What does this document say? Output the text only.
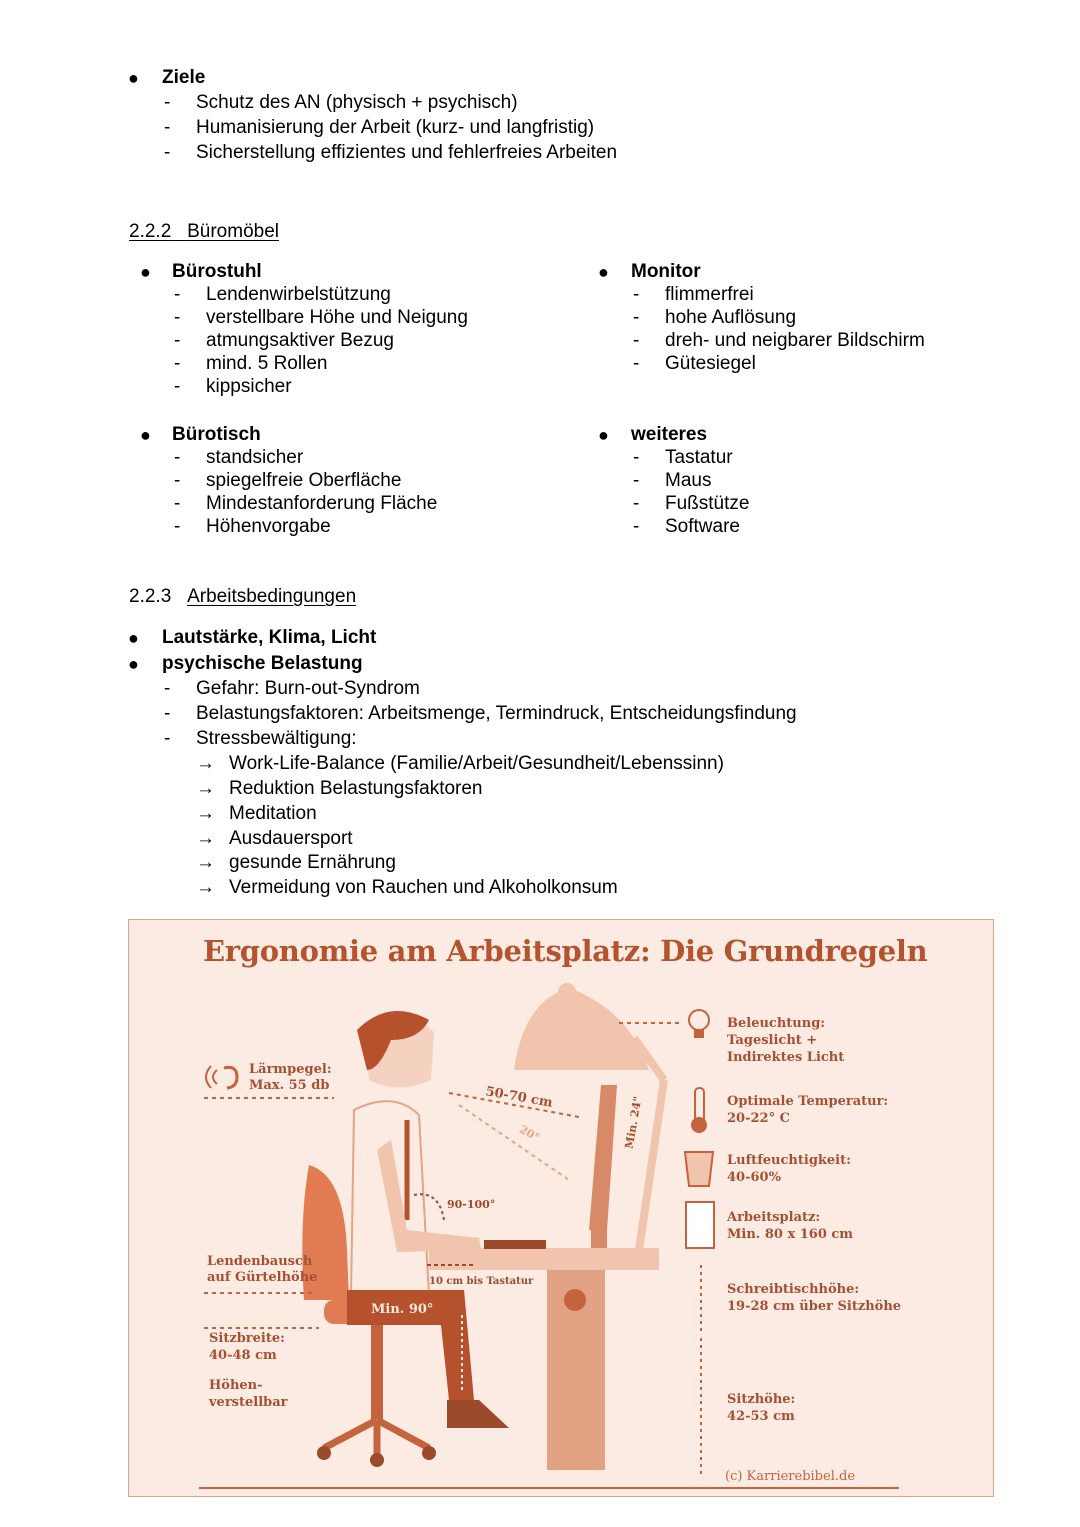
● Ziele
- Schutz des AN (physisch + psychisch)
- Humanisierung der Arbeit (kurz- und langfristig)
- Sicherstellung effizientes und fehlerfreies Arbeiten
2.2.2 Büromöbel
● Bürostuhl
- Lendenwirbelstützung
- verstellbare Höhe und Neigung
- atmungsaktiver Bezug
- mind. 5 Rollen
- kippsicher
● Monitor
- flimmerfrei
- hohe Auflösung
- dreh- und neigbarer Bildschirm
- Gütesiegel
● Bürotisch
- standsicher
- spiegelfreie Oberfläche
- Mindestanforderung Fläche
- Höhenvorgabe
● weiteres
- Tastatur
- Maus
- Fußstütze
- Software
2.2.3 Arbeitsbedingungen
● Lautstärke, Klima, Licht
● psychische Belastung
- Gefahr: Burn-out-Syndrom
- Belastungsfaktoren: Arbeitsmenge, Termindruck, Entscheidungsfindung
- Stressbewältigung:
→ Work-Life-Balance (Familie/Arbeit/Gesundheit/Lebenssinn)
→ Reduktion Belastungsfaktoren
→ Meditation
→ Ausdauersport
→ gesunde Ernährung
→ Vermeidung von Rauchen und Alkoholkonsum
Ergonomie am Arbeitsplatz: Die Grundregeln
Lärmpegel:
Max. 55 db	50-70 cm
20°	Min. 24"
90-100°
10 cm bis Tastatur
Min. 90°
Lendenbausch
auf Gürtelhöhe
Sitzbreite:
40-48 cm
Höhen-
verstellbar
Beleuchtung:
Tageslicht +
Indirektes Licht
Optimale Temperatur:
20-22° C
Luftfeuchtigkeit:
40-60%
Arbeitsplatz:
Min. 80 x 160 cm
Schreibtischhöhe:
19-28 cm über Sitzhöhe
Sitzhöhe:
42-53 cm
(c) Karrierebibel.de
